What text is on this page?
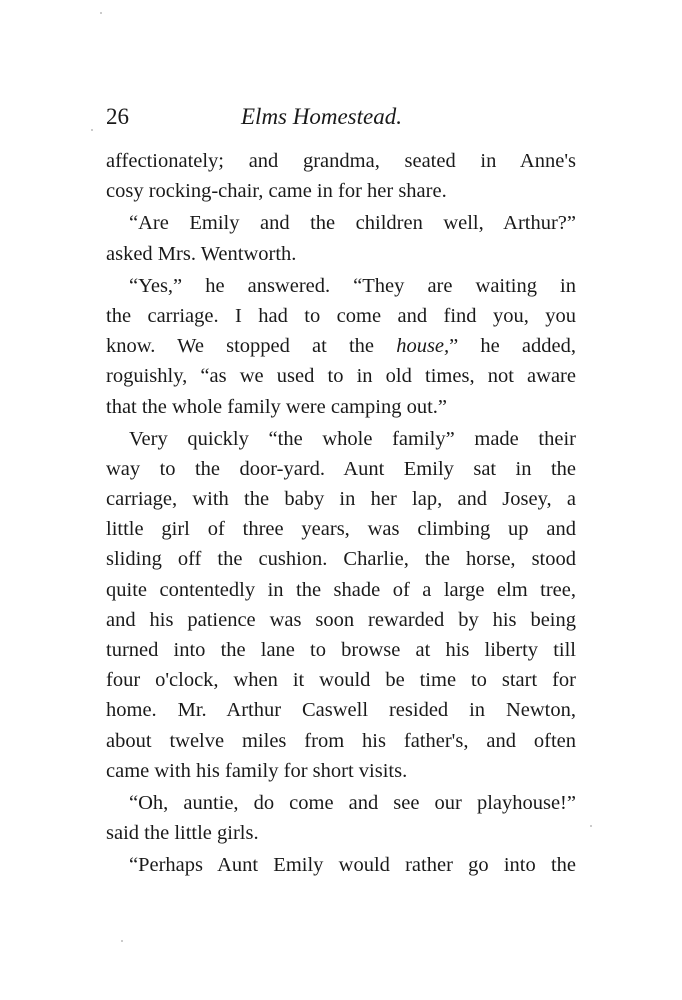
26	Elms Homestead.

affectionately; and grandma, seated in Anne's
cosy rocking-chair, came in for her share.

“Are Emily and the children well, Arthur?”
asked Mrs. Wentworth.

“Yes,” he answered. “They are waiting in
the carriage. I had to come and find you, you
know. We stopped at the house,” he added,
roguishly, “as we used to in old times, not aware
that the whole family were camping out.”

Very quickly “the whole family” made their
way to the door-yard. Aunt Emily sat in the
carriage, with the baby in her lap, and Josey, a
little girl of three years, was climbing up and
sliding off the cushion. Charlie, the horse, stood
quite contentedly in the shade of a large elm tree,
and his patience was soon rewarded by his being
turned into the lane to browse at his liberty till
four o'clock, when it would be time to start for
home. Mr. Arthur Caswell resided in Newton,
about twelve miles from his father's, and often
came with his family for short visits.

“Oh, auntie, do come and see our playhouse!”
said the little girls.

“Perhaps Aunt Emily would rather go into the
